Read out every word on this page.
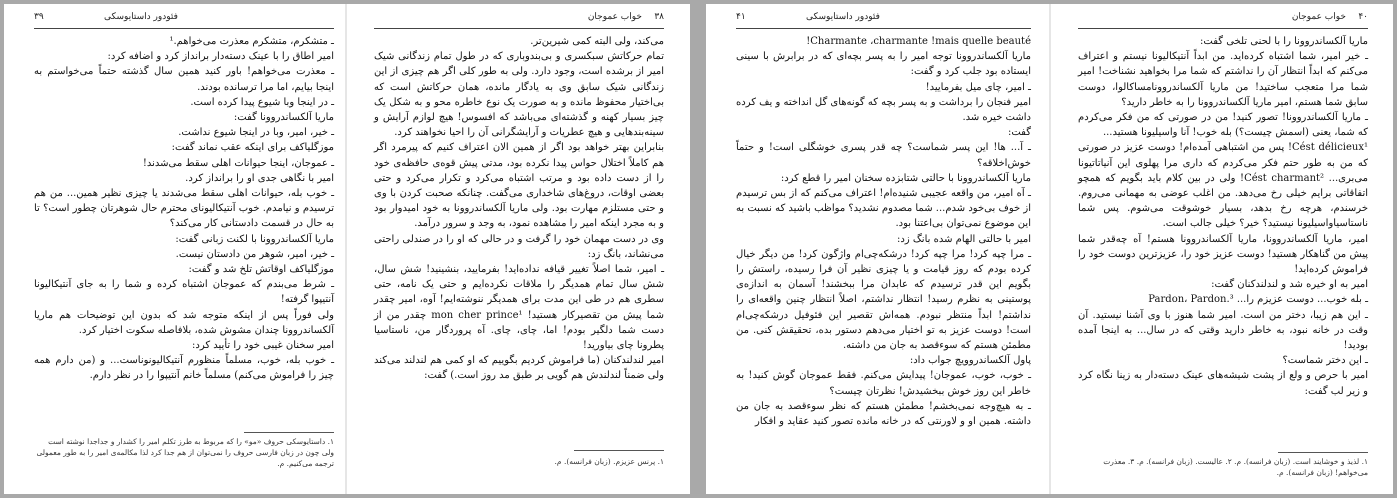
۳۹	فئودور داستایوسکی

ـ متشکرم، متشکرم معذرت می‌خواهم.¹

امیر اطاق را با عینک دسته‌دار برانداز کرد و اضافه کرد:

ـ معذرت می‌خواهم! باور کنید همین سال گذشته حتماً می‌خواستم به اینجا بیایم، اما مرا ترسانده بودند.

ـ در اینجا وبا شیوع پیدا کرده است.

ماریا آلکساندروونا گفت:

ـ خیر، امیر، وبا در اینجا شیوع نداشت.

موزگلیاکف برای اینکه عقب نماند گفت:

ـ عموجان، اینجا حیوانات اهلی سقط می‌شدند!

امیر با نگاهی جدی او را برانداز کرد.

ـ خوب بله، حیوانات اهلی سقط می‌شدند یا چیزی نظیر همین... من هم ترسیدم و نیامدم. خوب آنتیکالیونای محترم حال شوهرتان چطور است؟ تا به حال در قسمت دادستانی کار می‌کند؟

ماریا آلکساندروونا با لکنت زبانی گفت:

ـ خیر، امیر، شوهر من دادستان نیست.

موزگلیاکف اوقاتش تلخ شد و گفت:

ـ شرط می‌بندم که عموجان اشتباه کرده و شما را به جای آنتیکالیونا آنتیپوا گرفته!

ولی فوراً پس از اینکه متوجه شد که بدون این توضیحات هم ماریا آلکساندروونا چندان مشوش شده، بلافاصله سکوت اختیار کرد.

امیر سخنان غیبی خود را تأیید کرد:

ـ خوب بله، خوب، مسلماً منظورم آنتیکالیونوناست... و (من دارم همه چیز را فراموش می‌کنم) مسلماً خانم آنتیپوا را در نظر دارم.

۱. داستایوسکی حروف «مو» را که مربوط به طرز تکلم امیر را کشدار و جداجدا نوشته است ولی چون در زبان فارسی حروف را نمی‌توان از هم جدا کرد لذا مکالمه‌ی امیر را به طور معمولی ترجمه می‌کنیم. م.
۳۸
خواب عموجان

می‌کند، ولی البته کمی شیرین‌تر.

تمام حرکاتش سبکسری و بی‌بندوباری که در طول تمام زندگانی شیک امیر از برشده است، وجود دارد. ولی به طور کلی اگر هم چیزی از این زندگانی شیک سابق وی به یادگار مانده، همان حرکاتش است که بی‌اختیار محفوظ مانده و به صورت یک نوع خاطره محو و به شکل یک چیز بسیار کهنه و گذشته‌ای می‌باشد که افسوس! هیچ لوازم آرایش و سینه‌بندهایی و هیچ عطریات و آرایشگرانی آن را احیا نخواهند کرد.

بنابراین بهتر خواهد بود اگر از همین الان اعتراف کنیم که پیرمرد اگر هم کاملاً اختلال حواس پیدا نکرده بود، مدتی پیش قوه‌ی حافظه‌ی خود را از دست داده بود و مرتب اشتباه می‌کرد و تکرار می‌کرد و حتی بعضی اوقات، دروغ‌های شاخداری می‌گفت. چنانکه صحبت کردن با وی و حتی مستلزم مهارت بود. ولی ماریا آلکساندروونا به خود امیدوار بود و به مجرد اینکه امیر را مشاهده نمود، به وجد و سرور درآمد.

وی در دست مهمان خود را گرفت و در حالی که او را در صندلی راحتی می‌نشاند، بانگ زد:

ـ امیر، شما اصلاً تغییر قیافه نداده‌اید! بفرمایید، بنشینید! شش سال، شش سال تمام همدیگر را ملاقات نکرده‌ایم و حتی یک نامه، حتی سطری هم در طی این مدت برای همدیگر ننوشته‌ایم! آوه، امیر چقدر شما پیش من تقصیرکار هستید! mon cher prince¹ چقدر من از دست شما دلگیر بودم! اما، چای، چای. آه پروردگار من، ناستاسیا پطرونا چای بیاورید!

امیر لندلندکنان (ما فراموش کردیم بگوییم که او کمی هم لندلند می‌کند ولی ضمناً لندلندش هم گویی بر طبق مد روز است.) گفت:

۱. پرنس عزیزم. (زبان فرانسه). م.
۴۱	فئودور داستایوسکی

Charmante ،charmante !mais quelle beauté!

ماریا آلکساندروونا توجه امیر را به پسر بچه‌ای که در برابرش با سینی ایستاده بود جلب کرد و گفت:

ـ امیر، چای میل بفرمایید!

امیر فنجان را برداشت و به پسر بچه که گونه‌های گل انداخته و یف کرده داشت خیره شد.

گفت:

ـ آ... ها! این پسر شماست؟ چه قدر پسری خوشگلی است! و حتماً خوش‌اخلاقه؟

ماریا آلکساندروونا با حالتی شتابزده سخنان امیر را قطع کرد:

ـ آه امیر، من واقعه عجیبی شنیده‌ام! اعتراف می‌کنم که از بس ترسیدم از خوف بی‌خود شدم... شما مصدوم نشدید؟ مواظب باشید که نسبت به این موضوع نمی‌توان بی‌اعتنا بود.

امیر با حالتی الهام شده بانگ زد:

ـ مرا چپه کرد! مرا چپه کرد! درشکه‌چی‌ام واژگون کرد! من دیگر خیال کرده بودم که روز قیامت و یا چیزی نظیر آن فرا رسیده، راستش را بگویم این قدر ترسیدم که عابدان مرا ببخشند! آسمان به اندازه‌ی پوستینی به نظرم رسید! انتظار نداشتم، اصلاً انتظار چنین واقعه‌ای را نداشتم! ابداً منتظر نبودم. همه‌اش تقصیر این فئوفیل درشکه‌چی‌ام است! دوست عزیز به تو اختیار می‌دهم دستور بده، تحقیقش کنی. من مطمئن هستم که سوءقصد به جان من داشته.

پاول آلکساندروویچ جواب داد:

ـ خوب، خوب، عموجان! پیدایش می‌کنم. فقط عموجان گوش کنید! به خاطر این روز خوش ببخشیدش! نظرتان چیست؟

ـ به هیچ‌وجه نمی‌بخشم! مطمئن هستم که نظر سوءقصد به جان من داشته. همین او و لاورنتی که در خانه مانده تصور کنید عقاید و افکار

۴۰
خواب عموجان

ماریا آلکساندروونا را با لحنی تلخی گفت:

ـ خیر امیر، شما اشتباه کرده‌اید. من ابداً آنتیکالیونا نیستم و اعتراف می‌کنم که ابداً انتظار آن را نداشتم که شما مرا بخواهید نشناخت! امیر شما مرا متعجب ساختید! من ماریا آلکساندروونامساکالوا، دوست سابق شما هستم، امیر ماریا آلکساندروونا را به خاطر دارید؟

ـ ماریا آلکساندروونا! تصور کنید! من در صورتی که من فکر می‌کردم که شما، یعنی (اسمش چیست؟) بله خوب! آنا واسیلیونا هستید...

Cést délicieux¹! پس من اشتباهی آمده‌ام! دوست عزیز در صورتی که من به طور حتم فکر می‌کردم که داری مرا پهلوی این آنیاتاتیونا می‌بری... Cést charmant²! ولی در بین کلام باید بگویم که همچو اتفاقاتی برایم خیلی رخ می‌دهد. من اغلب عوضی به مهمانی می‌روم. خرسندم، هرچه رخ بدهد، بسیار خوشوقت می‌شوم. پس شما ناستاسیاواسیلیونا نیستید؟ خیر؟ خیلی جالب است.

امیر، ماریا آلکساندروونا، ماریا آلکساندروونا هستم! آه چه‌قدر شما پیش من گناهکار هستید! دوست عزیز خود را، عزیزترین دوست خود را فراموش کرده‌اید!

امیر به او خیره شد و لندلندکنان گفت:

ـ بله خوب... دوست عزیزم را... Pardon، Pardon.³

ـ این هم زیبا، دختر من است. امیر شما هنوز با وی آشنا نیستید. آن وقت در خانه نبود، به خاطر دارید وقتی که در سال... به اینجا آمده بودید!

ـ این دختر شماست؟

امیر با حرص و ولع از پشت شیشه‌های عینک دسته‌دار به زینا نگاه کرد و زیر لب گفت:

۱. لذیذ و خوشایند است. (زبان فرانسه). م. ۲. عالیست. (زبان فرانسه). م. ۳. معذرت می‌خواهم! (زبان فرانسه). م.
